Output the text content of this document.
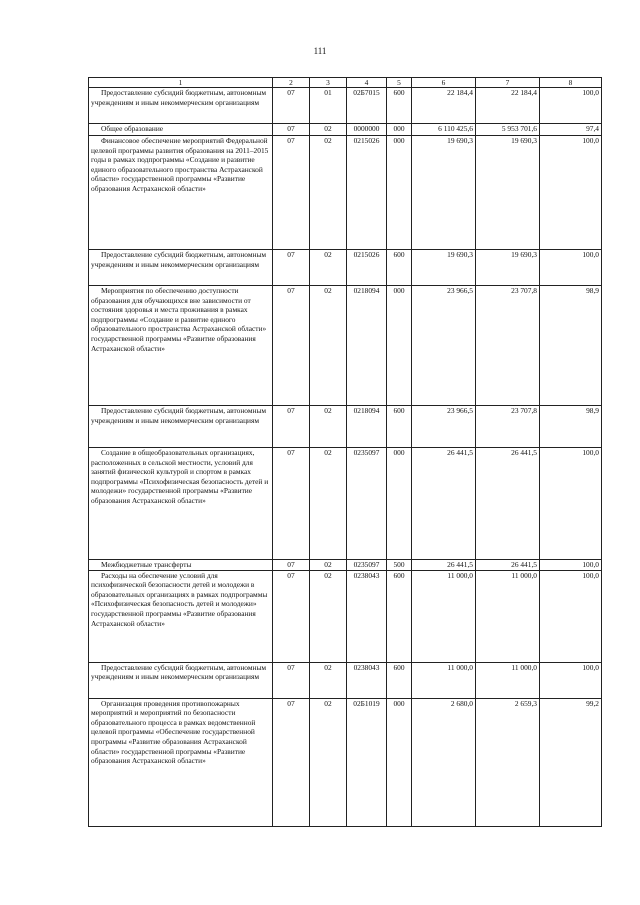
111
1	2	3	4	5	6	7	8
Предоставление субсидий бюджетным, автономным учреждениям и иным некоммерческим организациям	07	01	02Б7015	600	22 184,4	22 184,4	100,0
Общее образование	07	02	0000000	000	6 110 425,6	5 953 701,6	97,4
Финансовое обеспечение мероприятий Федеральной целевой программы развития образования на 2011–2015 годы в рамках подпрограммы «Создание и развитие единого образовательного пространства Астраханской области» государственной программы «Развитие образования Астраханской области»	07	02	0215026	000	19 690,3	19 690,3	100,0
Предоставление субсидий бюджетным, автономным учреждениям и иным некоммерческим организациям	07	02	0215026	600	19 690,3	19 690,3	100,0
Мероприятия по обеспечению доступности образования для обучающихся вне зависимости от состояния здоровья и места проживания в рамках подпрограммы «Создание и развитие единого образовательного пространства Астраханской области» государственной программы «Развитие образования Астраханской области»	07	02	0218094	000	23 966,5	23 707,8	98,9
Предоставление субсидий бюджетным, автономным учреждениям и иным некоммерческим организациям	07	02	0218094	600	23 966,5	23 707,8	98,9
Создание в общеобразовательных организациях, расположенных в сельской местности, условий для занятий физической культурой и спортом в рамках подпрограммы «Психофизическая безопасность детей и молодежи» государственной программы «Развитие образования Астраханской области»	07	02	0235097	000	26 441,5	26 441,5	100,0
Межбюджетные трансферты	07	02	0235097	500	26 441,5	26 441,5	100,0
Расходы на обеспечение условий для психофизической безопасности детей и молодежи в образовательных организациях в рамках подпрограммы «Психофизическая безопасность детей и молодежи» государственной программы «Развитие образования Астраханской области»	07	02	0238043	600	11 000,0	11 000,0	100,0
Предоставление субсидий бюджетным, автономным учреждениям и иным некоммерческим организациям	07	02	0238043	600	11 000,0	11 000,0	100,0
Организация проведения противопожарных мероприятий и мероприятий по безопасности образовательного процесса в рамках ведомственной целевой программы «Обеспечение государственной программы «Развитие образования Астраханской области» государственной программы «Развитие образования Астраханской области»	07	02	02Б1019	000	2 680,0	2 659,3	99,2
